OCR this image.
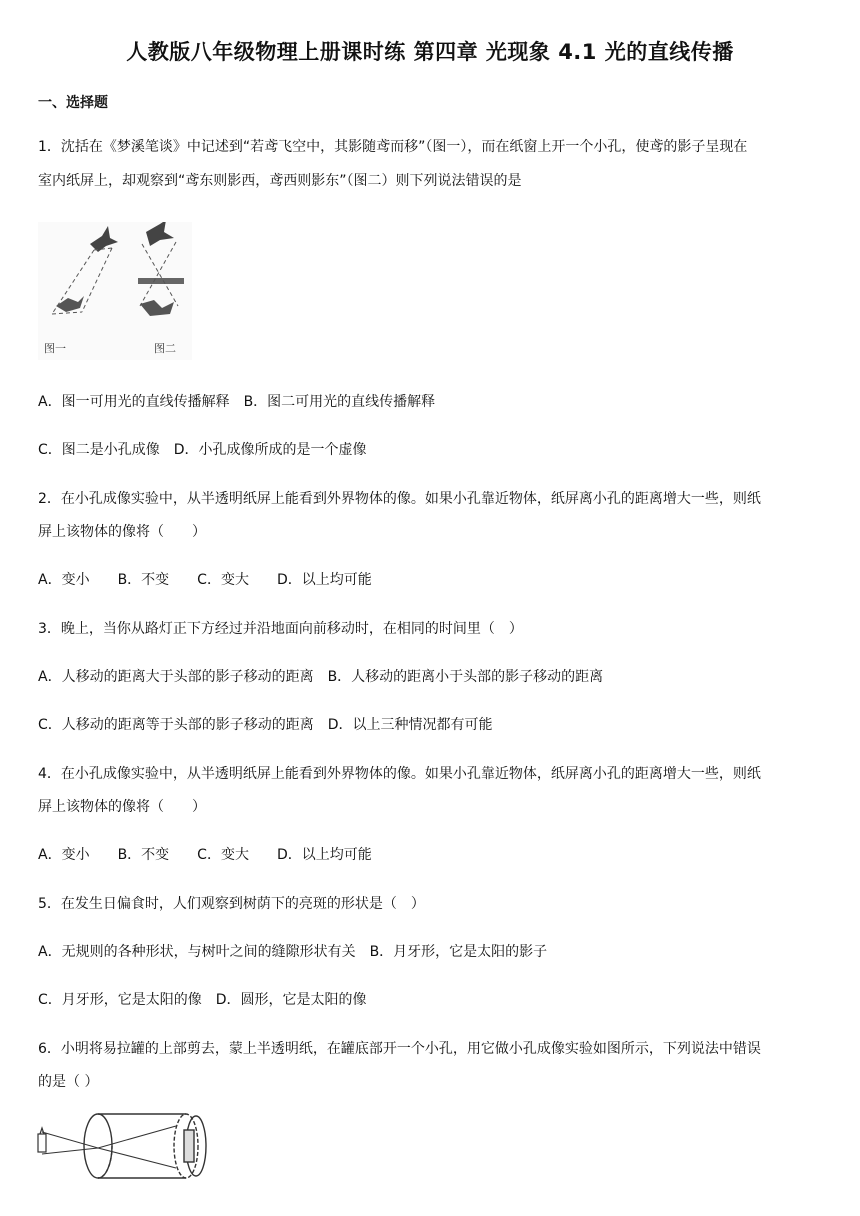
人教版八年级物理上册课时练 第四章 光现象 4.1 光的直线传播
一、选择题
1．沈括在《梦溪笔谈》中记述到“若鸢飞空中，其影随鸢而移”（图一），而在纸窗上开一个小孔，使鸢的影子呈现在
室内纸屏上，却观察到“鸢东则影西，鸢西则影东”（图二）则下列说法错误的是
图一	图二
A．图一可用光的直线传播解释　B．图二可用光的直线传播解释
C．图二是小孔成像　D．小孔成像所成的是一个虚像
2．在小孔成像实验中，从半透明纸屏上能看到外界物体的像。如果小孔靠近物体，纸屏离小孔的距离增大一些，则纸
屏上该物体的像将（　　）
A．变小　　B．不变　　C．变大　　D．以上均可能
3．晚上，当你从路灯正下方经过并沿地面向前移动时，在相同的时间里（　）
A．人移动的距离大于头部的影子移动的距离　B．人移动的距离小于头部的影子移动的距离
C．人移动的距离等于头部的影子移动的距离　D．以上三种情况都有可能
4．在小孔成像实验中，从半透明纸屏上能看到外界物体的像。如果小孔靠近物体，纸屏离小孔的距离增大一些，则纸
屏上该物体的像将（　　）
A．变小　　B．不变　　C．变大　　D．以上均可能
5．在发生日偏食时，人们观察到树荫下的亮斑的形状是（　）
A．无规则的各种形状，与树叶之间的缝隙形状有关　B．月牙形，它是太阳的影子
C．月牙形，它是太阳的像　D．圆形，它是太阳的像
6．小明将易拉罐的上部剪去，蒙上半透明纸，在罐底部开一个小孔，用它做小孔成像实验如图所示，下列说法中错误
的是（ ）
